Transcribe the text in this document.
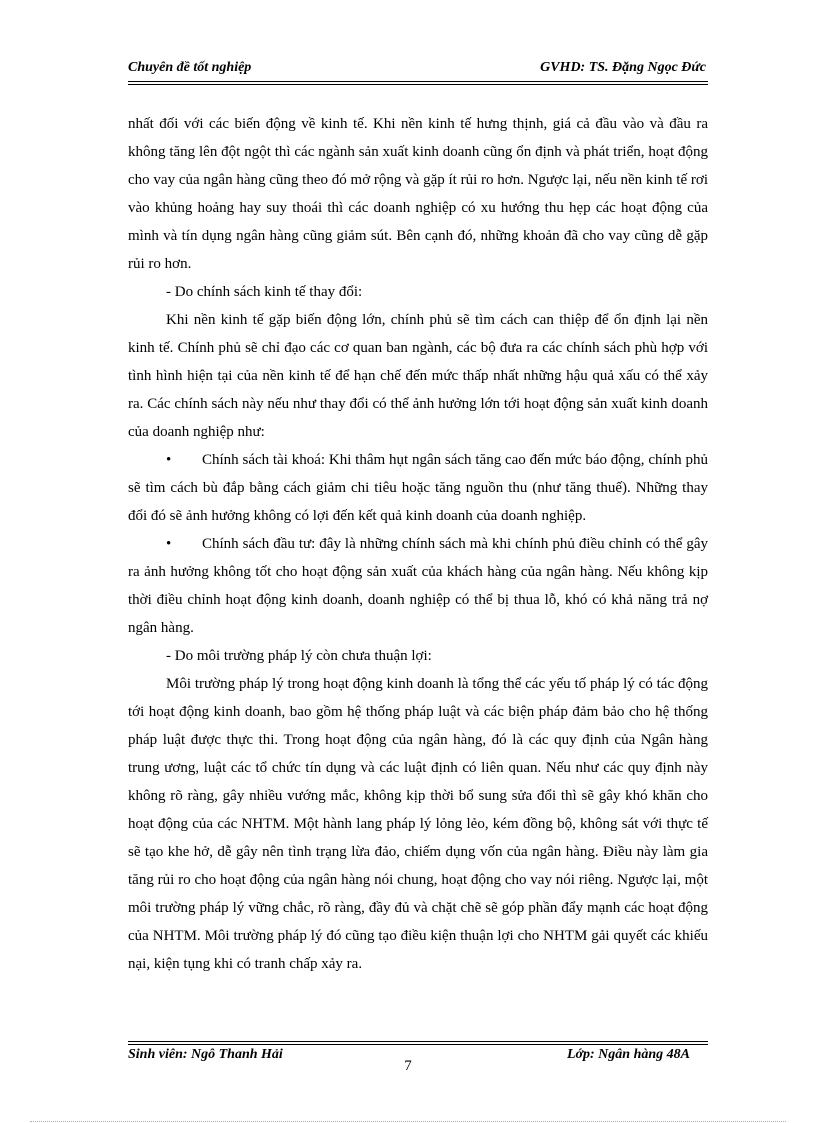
Chuyên đề tốt nghiệp	GVHD: TS. Đặng Ngọc Đức

nhất đối với các biến động về kinh tế. Khi nền kinh tế hưng thịnh, giá cả đầu vào và đầu ra không tăng lên đột ngột thì các ngành sản xuất kinh doanh cũng ổn định và phát triển, hoạt động cho vay của ngân hàng cũng theo đó mở rộng và gặp ít rủi ro hơn. Ngược lại, nếu nền kinh tế rơi vào khủng hoảng hay suy thoái thì các doanh nghiệp có xu hướng thu hẹp các hoạt động của mình và tín dụng ngân hàng cũng giảm sút. Bên cạnh đó, những khoản đã cho vay cũng dễ gặp rủi ro hơn.

- Do chính sách kinh tế thay đổi:

Khi nền kinh tế gặp biến động lớn, chính phủ sẽ tìm cách can thiệp để ổn định lại nền kinh tế. Chính phủ sẽ chỉ đạo các cơ quan ban ngành, các bộ đưa ra các chính sách phù hợp với tình hình hiện tại của nền kinh tế để hạn chế đến mức thấp nhất những hậu quả xấu có thể xảy ra. Các chính sách này nếu như thay đổi có thể ảnh hưởng lớn tới hoạt động sản xuất kinh doanh của doanh nghiệp như:

• Chính sách tài khoá: Khi thâm hụt ngân sách tăng cao đến mức báo động, chính phủ sẽ tìm cách bù đắp bằng cách giảm chi tiêu hoặc tăng nguồn thu (như tăng thuế). Những thay đổi đó sẽ ảnh hưởng không có lợi đến kết quả kinh doanh của doanh nghiệp.

• Chính sách đầu tư: đây là những chính sách mà khi chính phủ điều chỉnh có thể gây ra ảnh hưởng không tốt cho hoạt động sản xuất của khách hàng của ngân hàng. Nếu không kịp thời điều chỉnh hoạt động kinh doanh, doanh nghiệp có thể bị thua lỗ, khó có khả năng trả nợ ngân hàng.

- Do môi trường pháp lý còn chưa thuận lợi:

Môi trường pháp lý trong hoạt động kinh doanh là tổng thể các yếu tố pháp lý có tác động tới hoạt động kinh doanh, bao gồm hệ thống pháp luật và các biện pháp đảm bảo cho hệ thống pháp luật được thực thi. Trong hoạt động của ngân hàng, đó là các quy định của Ngân hàng trung ương, luật các tổ chức tín dụng và các luật định có liên quan. Nếu như các quy định này không rõ ràng, gây nhiều vướng mắc, không kịp thời bổ sung sửa đổi thì sẽ gây khó khăn cho hoạt động của các NHTM. Một hành lang pháp lý lỏng lẻo, kém đồng bộ, không sát với thực tế sẽ tạo khe hở, dễ gây nên tình trạng lừa đảo, chiếm dụng vốn của ngân hàng. Điều này làm gia tăng rủi ro cho hoạt động của ngân hàng nói chung, hoạt động cho vay nói riêng. Ngược lại, một môi trường pháp lý vững chắc, rõ ràng, đầy đủ và chặt chẽ sẽ góp phần đẩy mạnh các hoạt động của NHTM. Môi trường pháp lý đó cũng tạo điều kiện thuận lợi cho NHTM gải quyết các khiếu nại, kiện tụng khi có tranh chấp xảy ra.

Sinh viên: Ngô Thanh Hải	Lớp: Ngân hàng 48A
7
